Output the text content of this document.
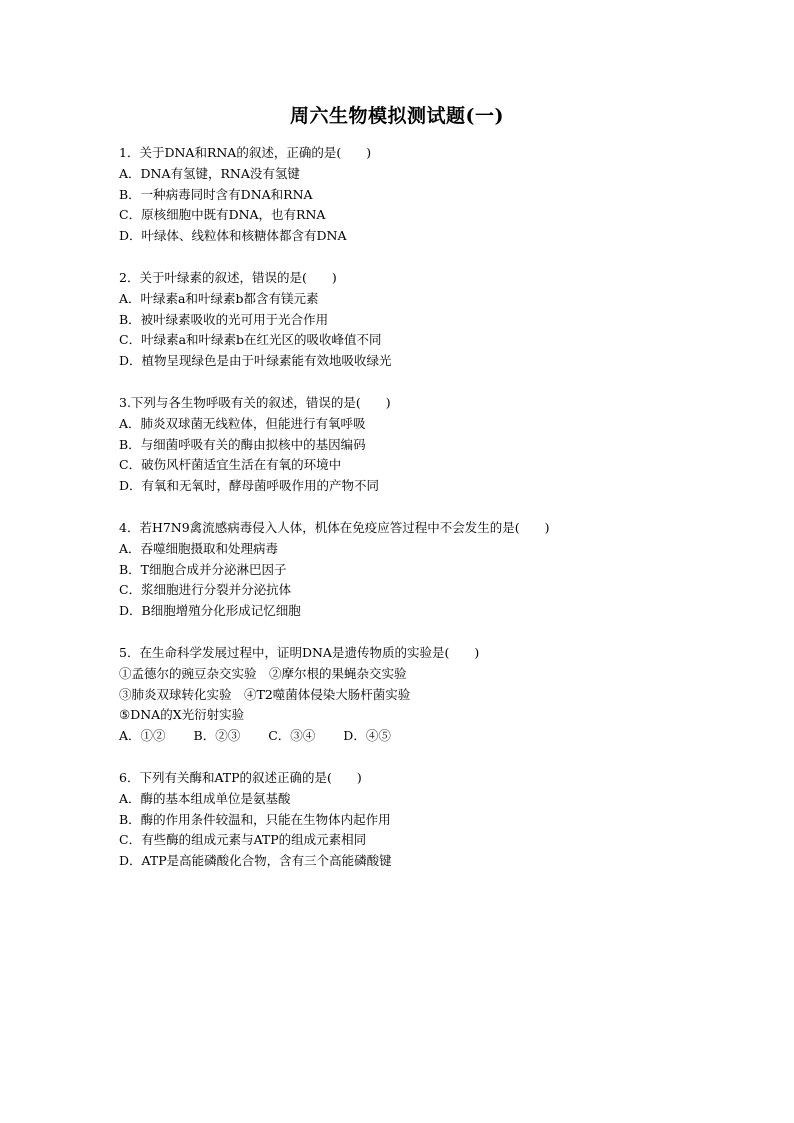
周六生物模拟测试题(一)
1．关于DNA和RNA的叙述，正确的是(　　)
A．DNA有氢键，RNA没有氢键
B．一种病毒同时含有DNA和RNA
C．原核细胞中既有DNA，也有RNA
D．叶绿体、线粒体和核糖体都含有DNA
2．关于叶绿素的叙述，错误的是(　　)
A．叶绿素a和叶绿素b都含有镁元素
B．被叶绿素吸收的光可用于光合作用
C．叶绿素a和叶绿素b在红光区的吸收峰值不同
D．植物呈现绿色是由于叶绿素能有效地吸收绿光
3.下列与各生物呼吸有关的叙述，错误的是(　　)
A．肺炎双球菌无线粒体，但能进行有氧呼吸
B．与细菌呼吸有关的酶由拟核中的基因编码
C．破伤风杆菌适宜生活在有氧的环境中
D．有氧和无氧时，酵母菌呼吸作用的产物不同
4．若H7N9禽流感病毒侵入人体，机体在免疫应答过程中不会发生的是(　　)
A．吞噬细胞摄取和处理病毒
B．T细胞合成并分泌淋巴因子
C．浆细胞进行分裂并分泌抗体
D．B细胞增殖分化形成记忆细胞
5．在生命科学发展过程中，证明DNA是遗传物质的实验是(　　)
①孟德尔的豌豆杂交实验　②摩尔根的果蝇杂交实验
③肺炎双球转化实验　④T2噬菌体侵染大肠杆菌实验
⑤DNA的X光衍射实验
A．①② B．②③ C．③④ D．④⑤
6．下列有关酶和ATP的叙述正确的是(　　)
A．酶的基本组成单位是氨基酸
B．酶的作用条件较温和，只能在生物体内起作用
C．有些酶的组成元素与ATP的组成元素相同
D．ATP是高能磷酸化合物，含有三个高能磷酸键
